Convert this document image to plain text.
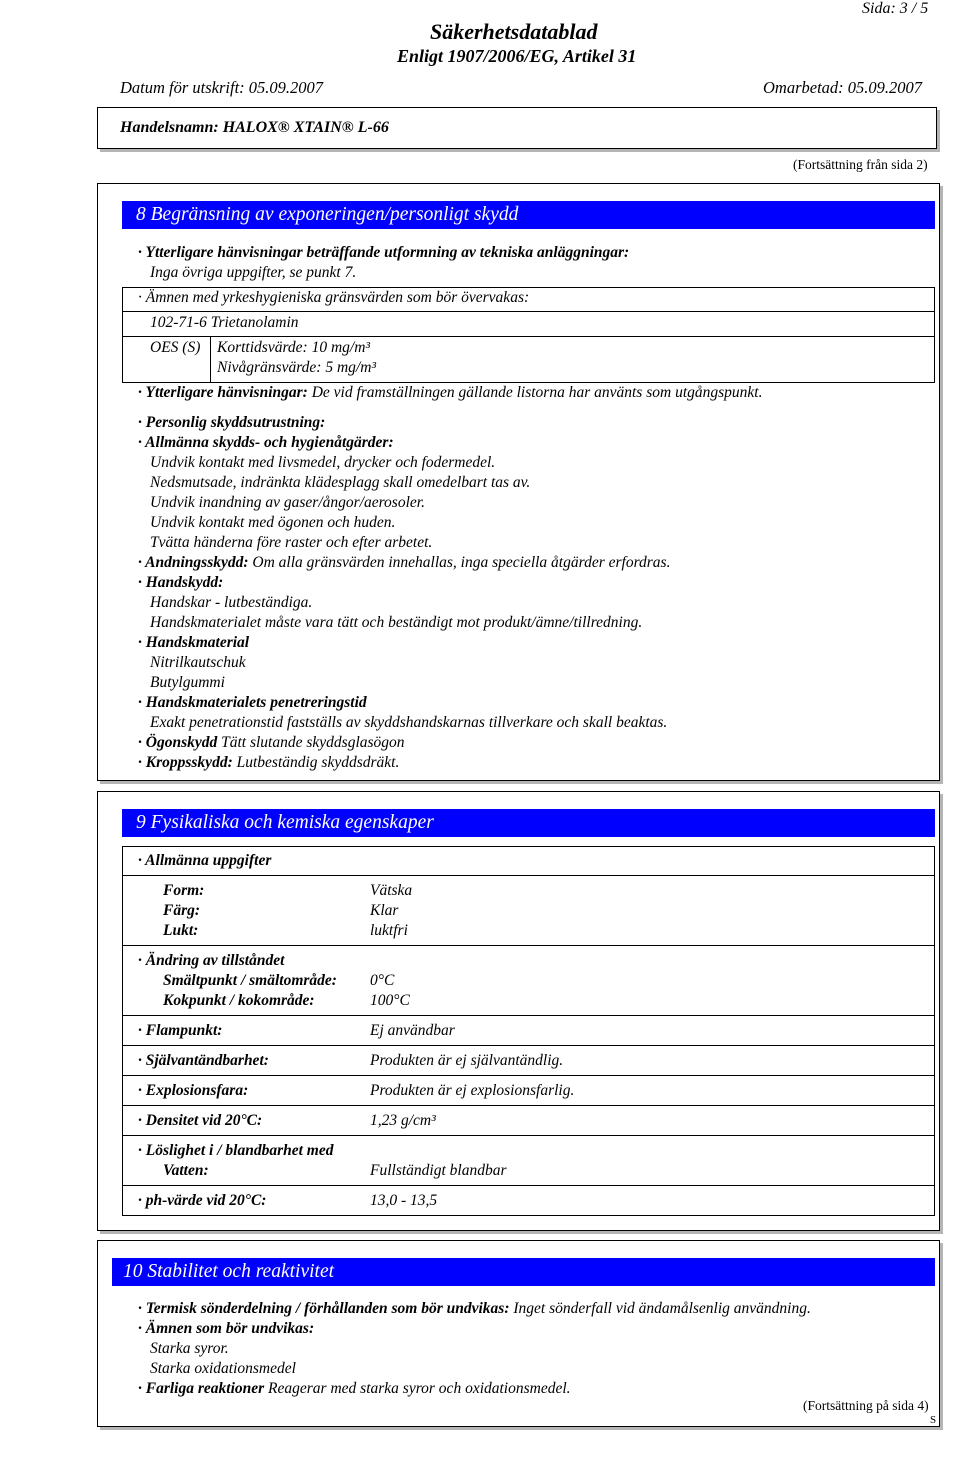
Sida: 3 / 5
Säkerhetsdatablad
Enligt 1907/2006/EG, Artikel 31
Datum för utskrift: 05.09.2007	Omarbetad: 05.09.2007
Handelsnamn: HALOX® XTAIN® L-66
(Fortsättning från sida 2)
8 Begränsning av exponeringen/personligt skydd
· Ytterligare hänvisningar beträffande utformning av tekniska anläggningar:
Inga övriga uppgifter, se punkt 7.
· Ämnen med yrkeshygieniska gränsvärden som bör övervakas:
102-71-6 Trietanolamin
OES (S) Korttidsvärde: 10 mg/m³
Nivågränsvärde: 5 mg/m³
· Ytterligare hänvisningar: De vid framställningen gällande listorna har använts som utgångspunkt.
· Personlig skyddsutrustning:
· Allmänna skydds- och hygienåtgärder:
Undvik kontakt med livsmedel, drycker och fodermedel.
Nedsmutsade, indränkta klädesplagg skall omedelbart tas av.
Undvik inandning av gaser/ångor/aerosoler.
Undvik kontakt med ögonen och huden.
Tvätta händerna före raster och efter arbetet.
· Andningsskydd: Om alla gränsvärden innehallas, inga speciella åtgärder erfordras.
· Handskydd:
Handskar - lutbeständiga.
Handskmaterialet måste vara tätt och beständigt mot produkt/ämne/tillredning.
· Handskmaterial
Nitrilkautschuk
Butylgummi
· Handskmaterialets penetreringstid
Exakt penetrationstid fastställs av skyddshandskarnas tillverkare och skall beaktas.
· Ögonskydd Tätt slutande skyddsglasögon
· Kroppsskydd: Lutbeständig skyddsdräkt.
9 Fysikaliska och kemiska egenskaper
· Allmänna uppgifter
Form:	Vätska
Färg:	Klar
Lukt:	luktfri
· Ändring av tillståndet
Smältpunkt / smältområde: 0°C
Kokpunkt / kokområde:	100°C
· Flampunkt:	Ej användbar
· Självantändbarhet:	Produkten är ej självantändlig.
· Explosionsfara:	Produkten är ej explosionsfarlig.
· Densitet vid 20°C:	1,23 g/cm³
· Löslighet i / blandbarhet med
Vatten:	Fullständigt blandbar
· ph-värde vid 20°C:	13,0 - 13,5
10 Stabilitet och reaktivitet
· Termisk sönderdelning / förhållanden som bör undvikas: Inget sönderfall vid ändamålsenlig användning.
· Ämnen som bör undvikas:
Starka syror.
Starka oxidationsmedel
· Farliga reaktioner Reagerar med starka syror och oxidationsmedel.
(Fortsättning på sida 4)
S
